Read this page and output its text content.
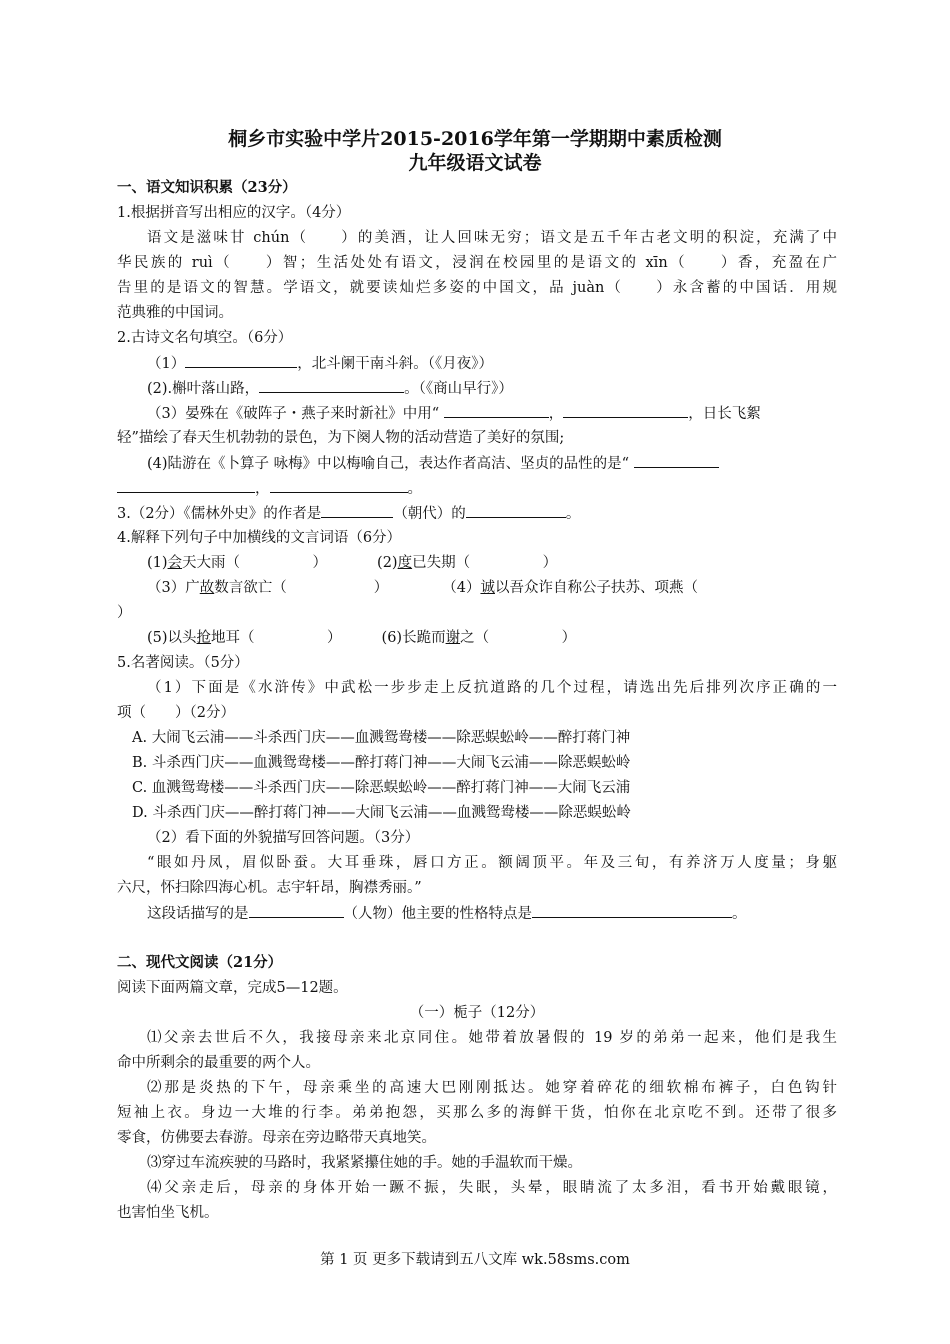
桐乡市实验中学片2015-2016学年第一学期期中素质检测
九年级语文试卷
一、语文知识积累（23分）
1.根据拼音写出相应的汉字。（4分）
语文是滋味甘 chún（　　）的美酒，让人回味无穷；语文是五千年古老文明的积淀，充满了中
华民族的 ruì（　　）智；生活处处有语文，浸润在校园里的是语文的 xīn（　　）香，充盈在广
告里的是语文的智慧。学语文，就要读灿烂多姿的中国文，品 juàn（　　）永含蓄的中国话．用规
范典雅的中国词。
2.古诗文名句填空。（6分）
（1）	，北斗阑干南斗斜。（《月夜》）
(2).槲叶落山路，	。（《商山早行》）
（3）晏殊在《破阵子・燕子来时新社》中用“	，	，日长飞絮
轻”描绘了春天生机勃勃的景色，为下阕人物的活动营造了美好的氛围;
(4)陆游在《卜算子 咏梅》中以梅喻自己，表达作者高洁、坚贞的品性的是“
，	。
3.（2分）《儒林外史》的作者是	（朝代）的	。
4.解释下列句子中加横线的文言词语（6分）
(1)会天大雨（　　　　　）	(2)度已失期（　　　　　）
（3）广故数言欲亡（　　　　　　）	（4）诚以吾众诈自称公子扶苏、项燕（
）
(5)以头抢地耳（　　　　　）	(6)长跪而谢之（　　　　　）
5.名著阅读。（5分）
（1）下面是《水浒传》中武松一步步走上反抗道路的几个过程，请选出先后排列次序正确的一
项（　　）（2分）
A. 大闹飞云浦——斗杀西门庆——血溅鸳鸯楼——除恶蜈蚣岭——醉打蒋门神
B. 斗杀西门庆——血溅鸳鸯楼——醉打蒋门神——大闹飞云浦——除恶蜈蚣岭
C. 血溅鸳鸯楼——斗杀西门庆——除恶蜈蚣岭——醉打蒋门神——大闹飞云浦
D. 斗杀西门庆——醉打蒋门神——大闹飞云浦——血溅鸳鸯楼——除恶蜈蚣岭
（2）看下面的外貌描写回答问题。（3分）
“眼如丹凤，眉似卧蚕。大耳垂珠，唇口方正。额阔顶平。年及三旬，有养济万人度量；身躯
六尺，怀扫除四海心机。志宇轩昂，胸襟秀丽。”
这段话描写的是	（人物）他主要的性格特点是	。
二、现代文阅读（21分）
阅读下面两篇文章，完成5—12题。
（一）栀子（12分）
⑴父亲去世后不久，我接母亲来北京同住。她带着放暑假的 19 岁的弟弟一起来，他们是我生
命中所剩余的最重要的两个人。
⑵那是炎热的下午，母亲乘坐的高速大巴刚刚抵达。她穿着碎花的细软棉布裤子，白色钩针
短袖上衣。身边一大堆的行李。弟弟抱怨，买那么多的海鲜干货，怕你在北京吃不到。还带了很多
零食，仿佛要去春游。母亲在旁边略带天真地笑。
⑶穿过车流疾驶的马路时，我紧紧攥住她的手。她的手温软而干燥。
⑷父亲走后，母亲的身体开始一蹶不振，失眠，头晕，眼睛流了太多泪，看书开始戴眼镜，
也害怕坐飞机。
第 1 页 更多下载请到五八文库 wk.58sms.com
